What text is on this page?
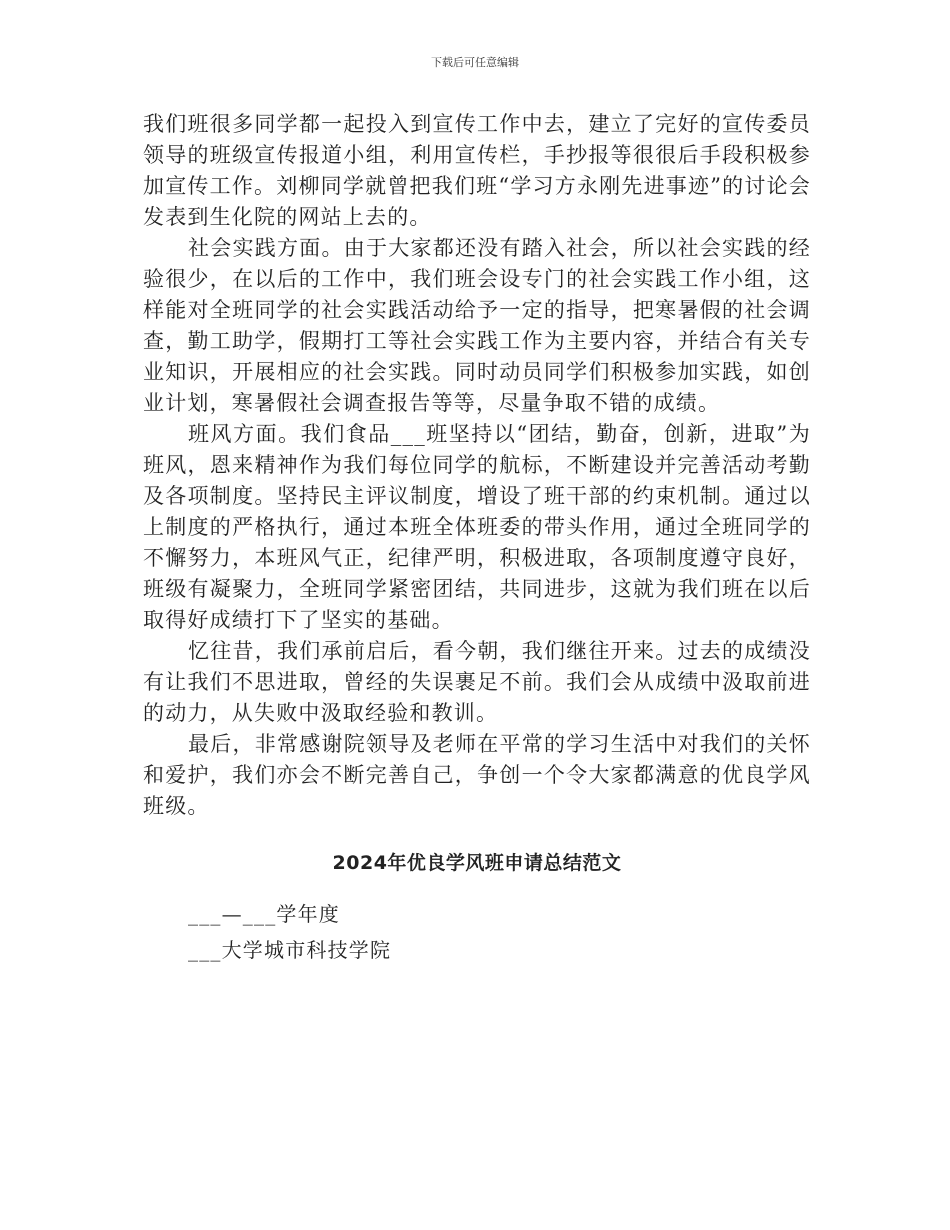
下载后可任意编辑

我们班很多同学都一起投入到宣传工作中去，建立了完好的宣传委员领导的班级宣传报道小组，利用宣传栏，手抄报等很很后手段积极参加宣传工作。刘柳同学就曾把我们班“学习方永刚先进事迹”的讨论会发表到生化院的网站上去的。

社会实践方面。由于大家都还没有踏入社会，所以社会实践的经验很少，在以后的工作中，我们班会设专门的社会实践工作小组，这样能对全班同学的社会实践活动给予一定的指导，把寒暑假的社会调查，勤工助学，假期打工等社会实践工作为主要内容，并结合有关专业知识，开展相应的社会实践。同时动员同学们积极参加实践，如创业计划，寒暑假社会调查报告等等，尽量争取不错的成绩。

班风方面。我们食品___班坚持以“团结，勤奋，创新，进取”为班风，恩来精神作为我们每位同学的航标，不断建设并完善活动考勤及各项制度。坚持民主评议制度，增设了班干部的约束机制。通过以上制度的严格执行，通过本班全体班委的带头作用，通过全班同学的不懈努力，本班风气正，纪律严明，积极进取，各项制度遵守良好，班级有凝聚力，全班同学紧密团结，共同进步，这就为我们班在以后取得好成绩打下了坚实的基础。

忆往昔，我们承前启后，看今朝，我们继往开来。过去的成绩没有让我们不思进取，曾经的失误裹足不前。我们会从成绩中汲取前进的动力，从失败中汲取经验和教训。

最后，非常感谢院领导及老师在平常的学习生活中对我们的关怀和爱护，我们亦会不断完善自己，争创一个令大家都满意的优良学风班级。

2024年优良学风班申请总结范文

___—___学年度

___大学城市科技学院
